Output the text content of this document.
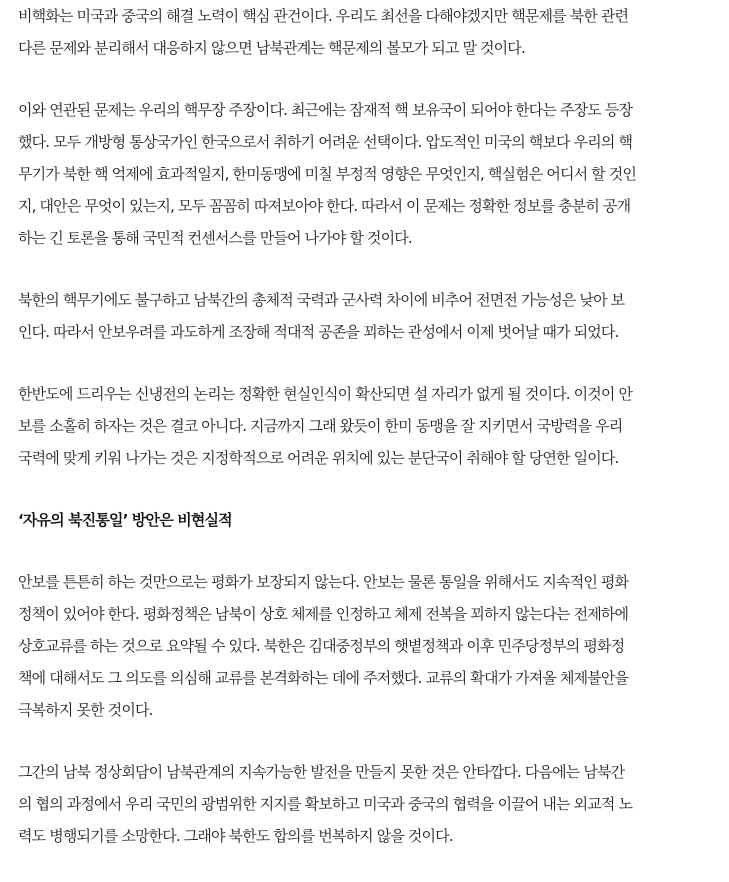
비핵화는 미국과 중국의 해결 노력이 핵심 관건이다. 우리도 최선을 다해야겠지만 핵문제를 북한 관련
다른 문제와 분리해서 대응하지 않으면 남북관계는 핵문제의 볼모가 되고 말 것이다.

이와 연관된 문제는 우리의 핵무장 주장이다. 최근에는 잠재적 핵 보유국이 되어야 한다는 주장도 등장
했다. 모두 개방형 통상국가인 한국으로서 취하기 어려운 선택이다. 압도적인 미국의 핵보다 우리의 핵
무기가 북한 핵 억제에 효과적일지, 한미동맹에 미칠 부정적 영향은 무엇인지, 핵실험은 어디서 할 것인
지, 대안은 무엇이 있는지, 모두 꼼꼼히 따져보아야 한다. 따라서 이 문제는 정확한 정보를 충분히 공개
하는 긴 토론을 통해 국민적 컨센서스를 만들어 나가야 할 것이다.

북한의 핵무기에도 불구하고 남북간의 총체적 국력과 군사력 차이에 비추어 전면전 가능성은 낮아 보
인다. 따라서 안보우려를 과도하게 조장해 적대적 공존을 꾀하는 관성에서 이제 벗어날 때가 되었다.

한반도에 드리우는 신냉전의 논리는 정확한 현실인식이 확산되면 설 자리가 없게 될 것이다. 이것이 안
보를 소홀히 하자는 것은 결코 아니다. 지금까지 그래 왔듯이 한미 동맹을 잘 지키면서 국방력을 우리
국력에 맞게 키워 나가는 것은 지정학적으로 어려운 위치에 있는 분단국이 취해야 할 당연한 일이다.

‘자유의 북진통일’ 방안은 비현실적

안보를 튼튼히 하는 것만으로는 평화가 보장되지 않는다. 안보는 물론 통일을 위해서도 지속적인 평화
정책이 있어야 한다. 평화정책은 남북이 상호 체제를 인정하고 체제 전복을 꾀하지 않는다는 전제하에
상호교류를 하는 것으로 요약될 수 있다. 북한은 김대중정부의 햇볕정책과 이후 민주당정부의 평화정
책에 대해서도 그 의도를 의심해 교류를 본격화하는 데에 주저했다. 교류의 확대가 가져올 체제불안을
극복하지 못한 것이다.

그간의 남북 정상회담이 남북관계의 지속가능한 발전을 만들지 못한 것은 안타깝다. 다음에는 남북간
의 협의 과정에서 우리 국민의 광범위한 지지를 확보하고 미국과 중국의 협력을 이끌어 내는 외교적 노
력도 병행되기를 소망한다. 그래야 북한도 합의를 번복하지 않을 것이다.
